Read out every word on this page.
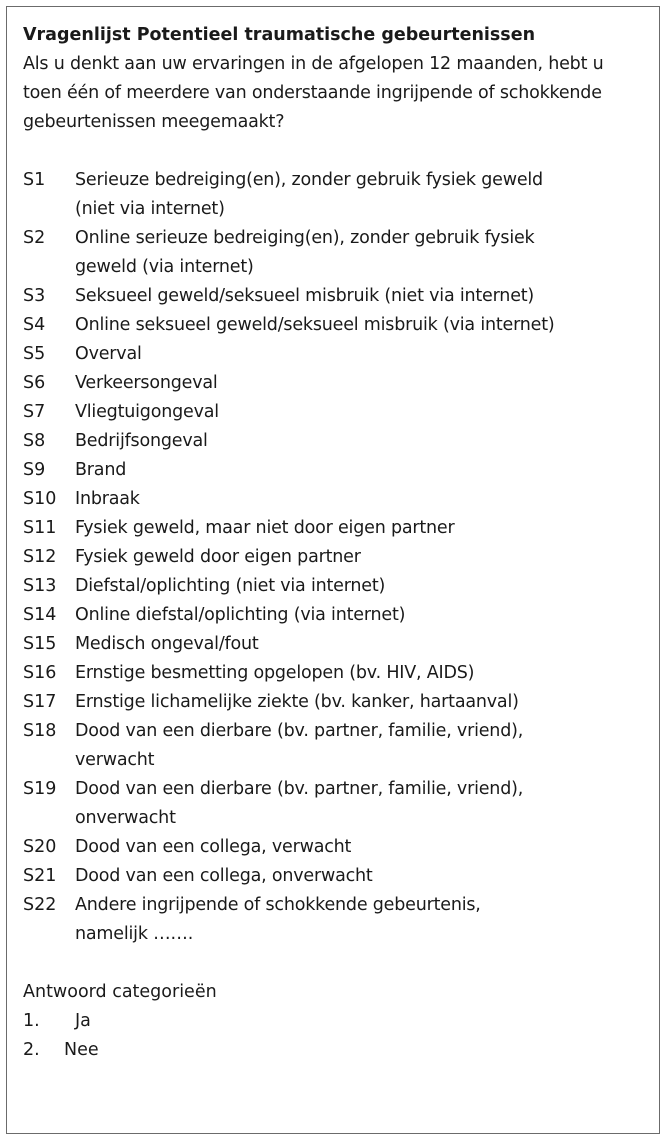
Vragenlijst Potentieel traumatische gebeurtenissen

Als u denkt aan uw ervaringen in de afgelopen 12 maanden, hebt u toen één of meerdere van onderstaande ingrijpende of schokkende gebeurtenissen meegemaakt?

S1	Serieuze bedreiging(en), zonder gebruik fysiek geweld (niet via internet)
S2	Online serieuze bedreiging(en), zonder gebruik fysiek geweld (via internet)
S3	Seksueel geweld/seksueel misbruik (niet via internet)
S4	Online seksueel geweld/seksueel misbruik (via internet)
S5	Overval
S6	Verkeersongeval
S7	Vliegtuigongeval
S8	Bedrijfsongeval
S9	Brand
S10	Inbraak
S11	Fysiek geweld, maar niet door eigen partner
S12	Fysiek geweld door eigen partner
S13	Diefstal/oplichting (niet via internet)
S14	Online diefstal/oplichting (via internet)
S15	Medisch ongeval/fout
S16	Ernstige besmetting opgelopen (bv. HIV, AIDS)
S17	Ernstige lichamelijke ziekte (bv. kanker, hartaanval)
S18	Dood van een dierbare (bv. partner, familie, vriend), verwacht
S19	Dood van een dierbare (bv. partner, familie, vriend), onverwacht
S20	Dood van een collega, verwacht
S21	Dood van een collega, onverwacht
S22	Andere ingrijpende of schokkende gebeurtenis, namelijk …….
Antwoord categorieën
1.	Ja
2.	Nee
